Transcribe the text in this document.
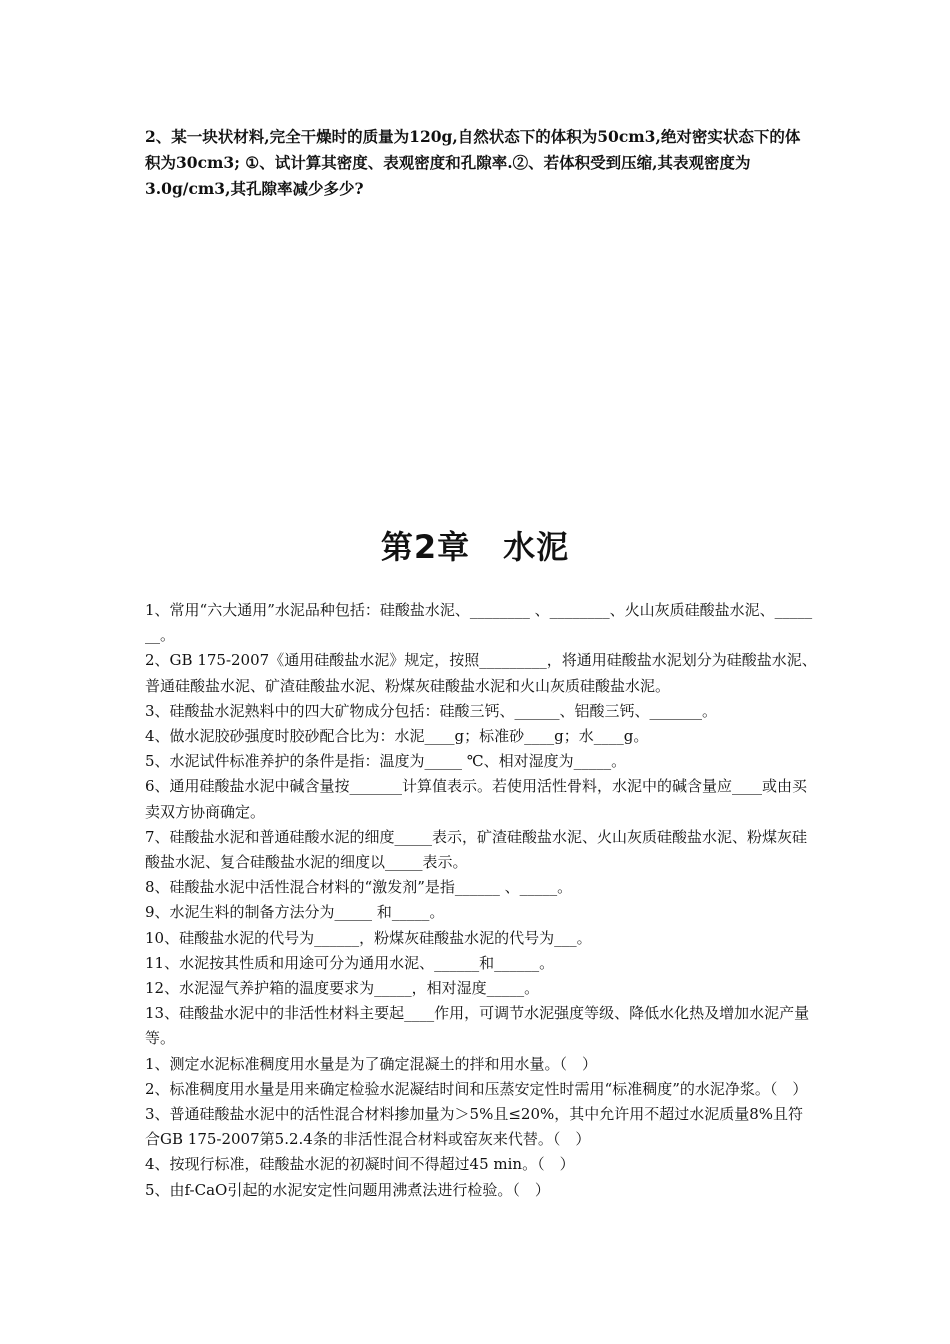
2、某一块状材料,完全干燥时的质量为120g,自然状态下的体积为50cm3,绝对密实状态下的体积为30cm3; ①、试计算其密度、表观密度和孔隙率.②、若体积受到压缩,其表观密度为3.0g/cm3,其孔隙率减少多少?
第2章　水泥

1、常用“六大通用”水泥品种包括：硅酸盐水泥、________ 、________、火山灰质硅酸盐水泥、_______。

2、GB 175-2007《通用硅酸盐水泥》规定，按照_________，将通用硅酸盐水泥划分为硅酸盐水泥、普通硅酸盐水泥、矿渣硅酸盐水泥、粉煤灰硅酸盐水泥和火山灰质硅酸盐水泥。

3、硅酸盐水泥熟料中的四大矿物成分包括：硅酸三钙、______、铝酸三钙、_______。

4、做水泥胶砂强度时胶砂配合比为：水泥____g；标准砂____g；水____g。

5、水泥试件标准养护的条件是指：温度为_____ ℃、相对湿度为_____。

6、通用硅酸盐水泥中碱含量按_______计算值表示。若使用活性骨料，水泥中的碱含量应____或由买卖双方协商确定。

7、硅酸盐水泥和普通硅酸水泥的细度_____表示，矿渣硅酸盐水泥、火山灰质硅酸盐水泥、粉煤灰硅酸盐水泥、复合硅酸盐水泥的细度以_____表示。

8、硅酸盐水泥中活性混合材料的“激发剂”是指______ 、_____。

9、水泥生料的制备方法分为_____ 和_____。

10、硅酸盐水泥的代号为______，粉煤灰硅酸盐水泥的代号为___。

11、水泥按其性质和用途可分为通用水泥、______和______。

12、水泥湿气养护箱的温度要求为_____，相对湿度_____。

13、硅酸盐水泥中的非活性材料主要起____作用，可调节水泥强度等级、降低水化热及增加水泥产量等。

1、测定水泥标准稠度用水量是为了确定混凝土的拌和用水量。（　）

2、标准稠度用水量是用来确定检验水泥凝结时间和压蒸安定性时需用“标准稠度”的水泥净浆。（　）

3、普通硅酸盐水泥中的活性混合材料掺加量为＞5%且≤20%，其中允许用不超过水泥质量8%且符合GB 175-2007第5.2.4条的非活性混合材料或窑灰来代替。（　）

4、按现行标准，硅酸盐水泥的初凝时间不得超过45 min。（　）

5、由f-CaO引起的水泥安定性问题用沸煮法进行检验。（　）
